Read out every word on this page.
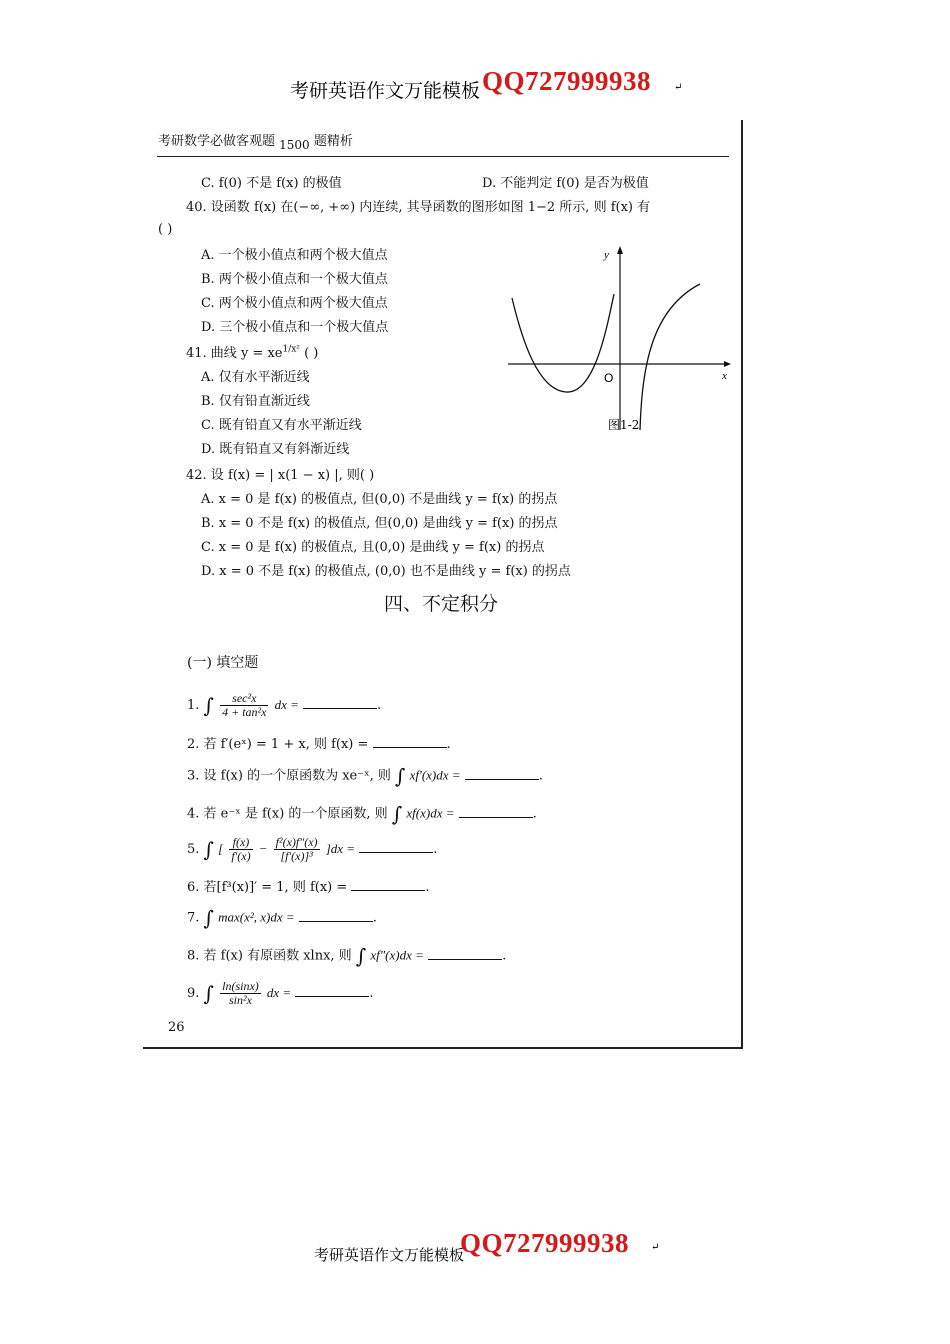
考研英语作文万能模板 QQ727999938 ↵
考研数学必做客观题 1500 题精析
C. f(0) 不是 f(x) 的极值	D. 不能判定 f(0) 是否为极值
40. 设函数 f(x) 在(−∞, +∞) 内连续, 其导函数的图形如图 1−2 所示, 则 f(x) 有
( )
A. 一个极小值点和两个极大值点
B. 两个极小值点和一个极大值点
C. 两个极小值点和两个极大值点
D. 三个极小值点和一个极大值点
y
x
O
图1-2
41. 曲线 $y = xe^{1/x^2}$ ( )
A. 仅有水平渐近线
B. 仅有铅直渐近线
C. 既有铅直又有水平渐近线
D. 既有铅直又有斜渐近线
42. 设 f(x) = | x(1 − x) |, 则( )
A. x = 0 是 f(x) 的极值点, 但(0,0) 不是曲线 y = f(x) 的拐点
B. x = 0 不是 f(x) 的极值点, 但(0,0) 是曲线 y = f(x) 的拐点
C. x = 0 是 f(x) 的极值点, 且(0,0) 是曲线 y = f(x) 的拐点
D. x = 0 不是 f(x) 的极值点, (0,0) 也不是曲线 y = f(x) 的拐点
四、不定积分
(一) 填空题
1. ∫ $\frac{\text{sec²x}}{\text{4 + tan²x}}$ dx =	.
2. 若 f′(eˣ) = 1 + x, 则 f(x) =	.
3. 设 f(x) 的一个原函数为 xe⁻ˣ, 则 ∫ xf′(x)dx =	.
4. 若 e⁻ˣ 是 f(x) 的一个原函数, 则 ∫ xf(x)dx =	.
5. ∫ [ $\frac{f(x)}{f'(x)} - \frac{\text{f²(x)f″(x)}}{\text{[f′(x)]³}} ]dx$ =	.
6. 若[f³(x)]′ = 1, 则 f(x) =	.
7. ∫ max(x², x)dx =	.
8. 若 f(x) 有原函数 xlnx, 则 ∫ xf″(x)dx =	.
9. ∫ $\frac{\ln(\sin x)}{\text{sin²x}}$ dx =	.
26
考研英语作文万能模板
QQ727999938 ↵
